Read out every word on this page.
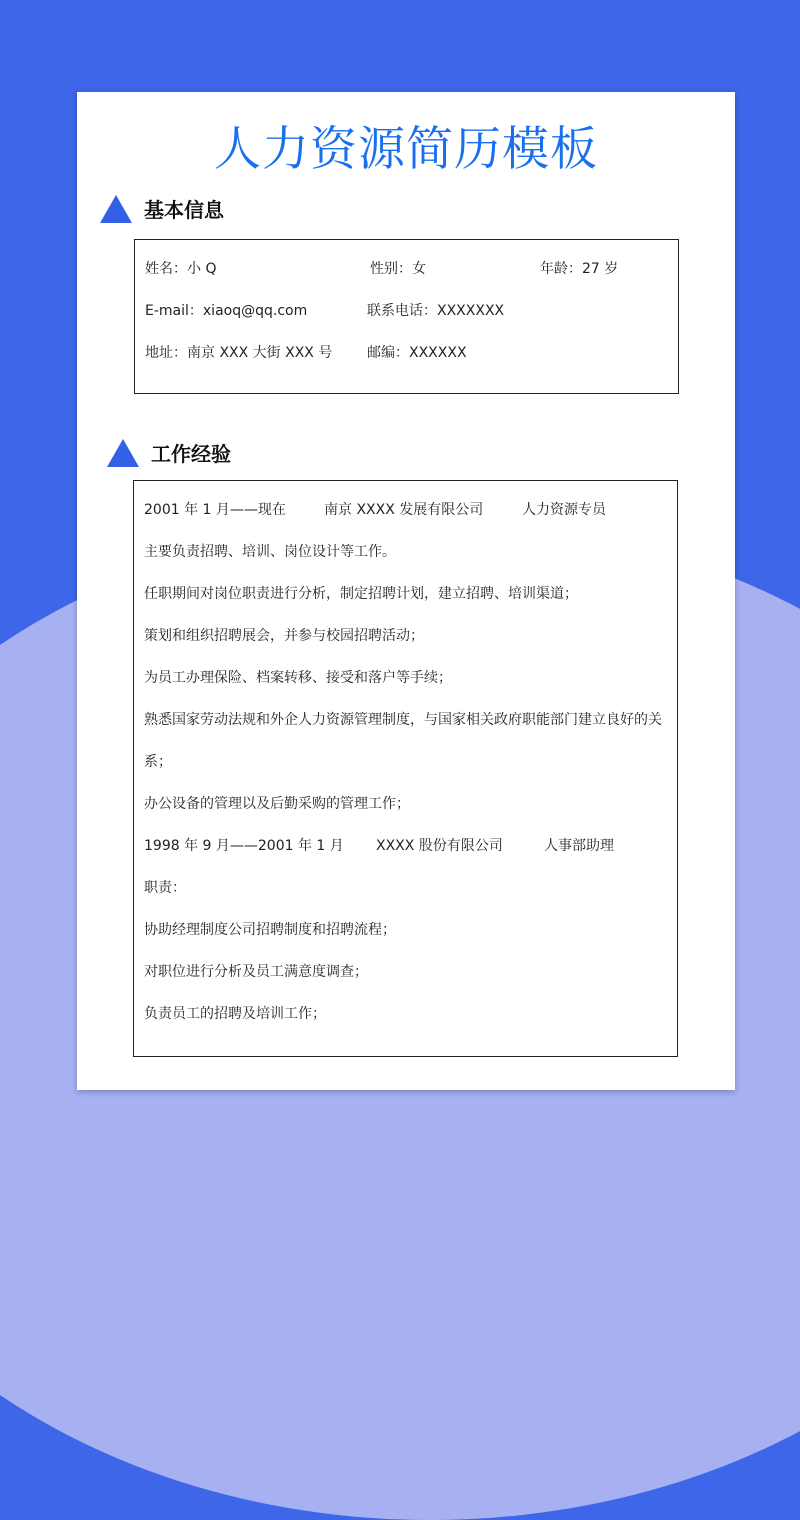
人力资源简历模板
基本信息
姓名：小 Q	性别：女	年龄：27 岁
E-mail：xiaoq@qq.com	联系电话：XXXXXXX
地址：南京 XXX 大街 XXX 号 邮编：XXXXXX
工作经验
2001 年 1 月——现在	南京 XXXX 发展有限公司	人力资源专员
主要负责招聘、培训、岗位设计等工作。
任职期间对岗位职责进行分析，制定招聘计划，建立招聘、培训渠道；
策划和组织招聘展会，并参与校园招聘活动；
为员工办理保险、档案转移、接受和落户等手续；
熟悉国家劳动法规和外企人力资源管理制度，与国家相关政府职能部门建立良好的关
系；
办公设备的管理以及后勤采购的管理工作；
1998 年 9 月——2001 年 1 月 XXXX 股份有限公司	人事部助理
职责：
协助经理制度公司招聘制度和招聘流程；
对职位进行分析及员工满意度调查；
负责员工的招聘及培训工作；
